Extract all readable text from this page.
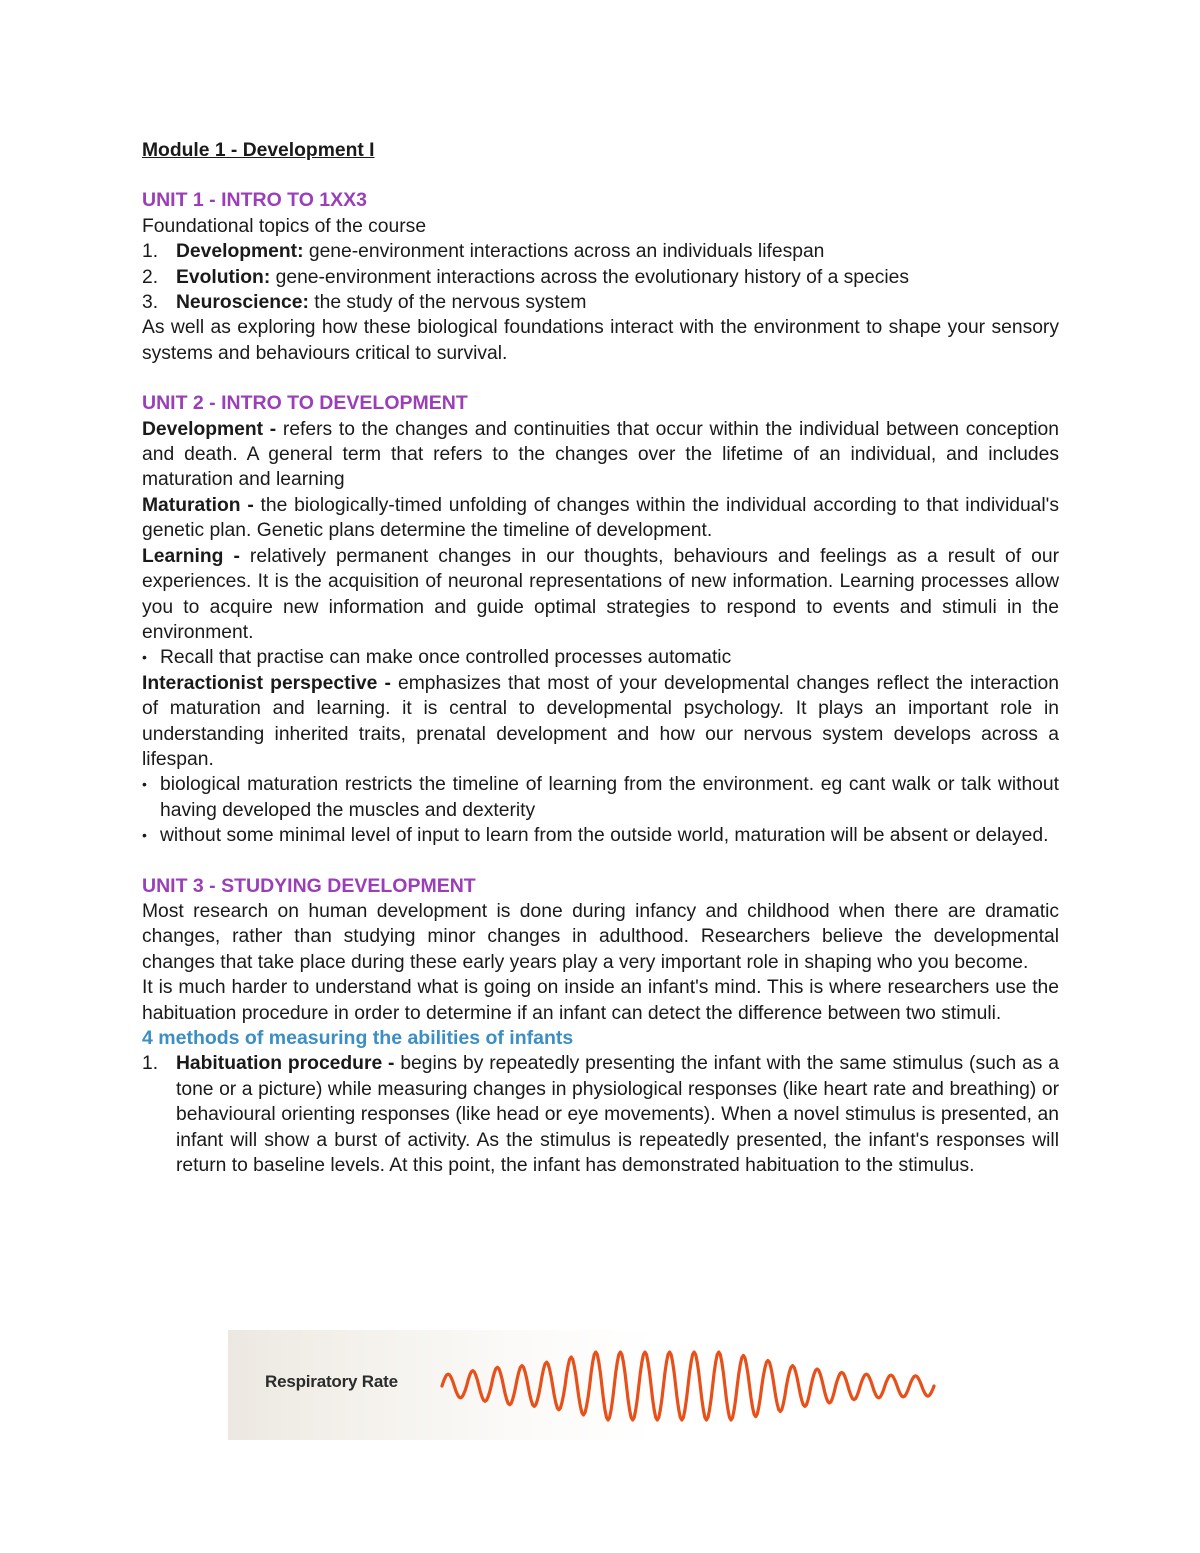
Module 1 - Development I
UNIT 1 - INTRO TO 1XX3
Foundational topics of the course
1. Development: gene-environment interactions across an individuals lifespan
2. Evolution: gene-environment interactions across the evolutionary history of a species
3. Neuroscience: the study of the nervous system
As well as exploring how these biological foundations interact with the environment to shape your sensory systems and behaviours critical to survival.
UNIT 2 - INTRO TO DEVELOPMENT
Development - refers to the changes and continuities that occur within the individual between conception and death. A general term that refers to the changes over the lifetime of an individual, and includes maturation and learning
Maturation - the biologically-timed unfolding of changes within the individual according to that individual's genetic plan. Genetic plans determine the timeline of development.
Learning - relatively permanent changes in our thoughts, behaviours and feelings as a result of our experiences. It is the acquisition of neuronal representations of new information. Learning processes allow you to acquire new information and guide optimal strategies to respond to events and stimuli in the environment.
• Recall that practise can make once controlled processes automatic
Interactionist perspective - emphasizes that most of your developmental changes reflect the interaction of maturation and learning. it is central to developmental psychology. It plays an important role in understanding inherited traits, prenatal development and how our nervous system develops across a lifespan.
• biological maturation restricts the timeline of learning from the environment. eg cant walk or talk without having developed the muscles and dexterity
• without some minimal level of input to learn from the outside world, maturation will be absent or delayed.
UNIT 3 - STUDYING DEVELOPMENT
Most research on human development is done during infancy and childhood when there are dramatic changes, rather than studying minor changes in adulthood. Researchers believe the developmental changes that take place during these early years play a very important role in shaping who you become.
It is much harder to understand what is going on inside an infant's mind. This is where researchers use the habituation procedure in order to determine if an infant can detect the difference between two stimuli.
4 methods of measuring the abilities of infants
1. Habituation procedure - begins by repeatedly presenting the infant with the same stimulus (such as a tone or a picture) while measuring changes in physiological responses (like heart rate and breathing) or behavioural orienting responses (like head or eye movements). When a novel stimulus is presented, an infant will show a burst of activity. As the stimulus is repeatedly presented, the infant's responses will return to baseline levels. At this point, the infant has demonstrated habituation to the stimulus.
Respiratory Rate
